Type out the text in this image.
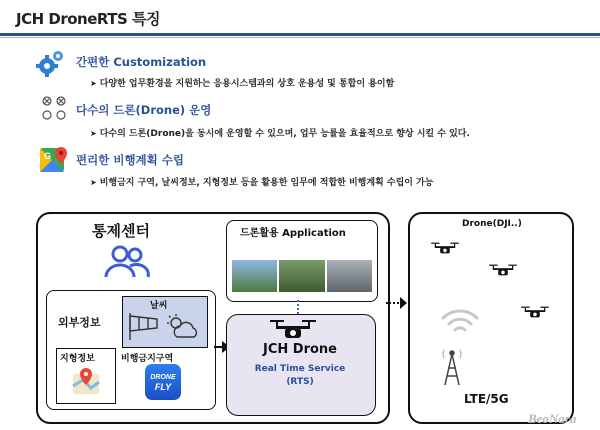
JCH DroneRTS 특징
간편한 Customization
➤ 다양한 업무환경을 지원하는 응용시스템과의 상호 운용성 및 통합이 용이함
다수의 드론(Drone) 운영
➤ 다수의 드론(Drone)을 동시에 운영할 수 있으며, 업무 능률을 효율적으로 향상 시킬 수 있다.
G 편리한 비행계획 수립
➤ 비행금지 구역, 날씨정보, 지형정보 등을 활용한 임무에 적합한 비행계획 수립이 가능
통제센터
외부정보
날씨
지형정보	비행금지구역
DRONE
FLY
드론활용 Application
JCH Drone
Real Time Service
(RTS)
Drone(DJI..)
LTE/5G
BeoNara
